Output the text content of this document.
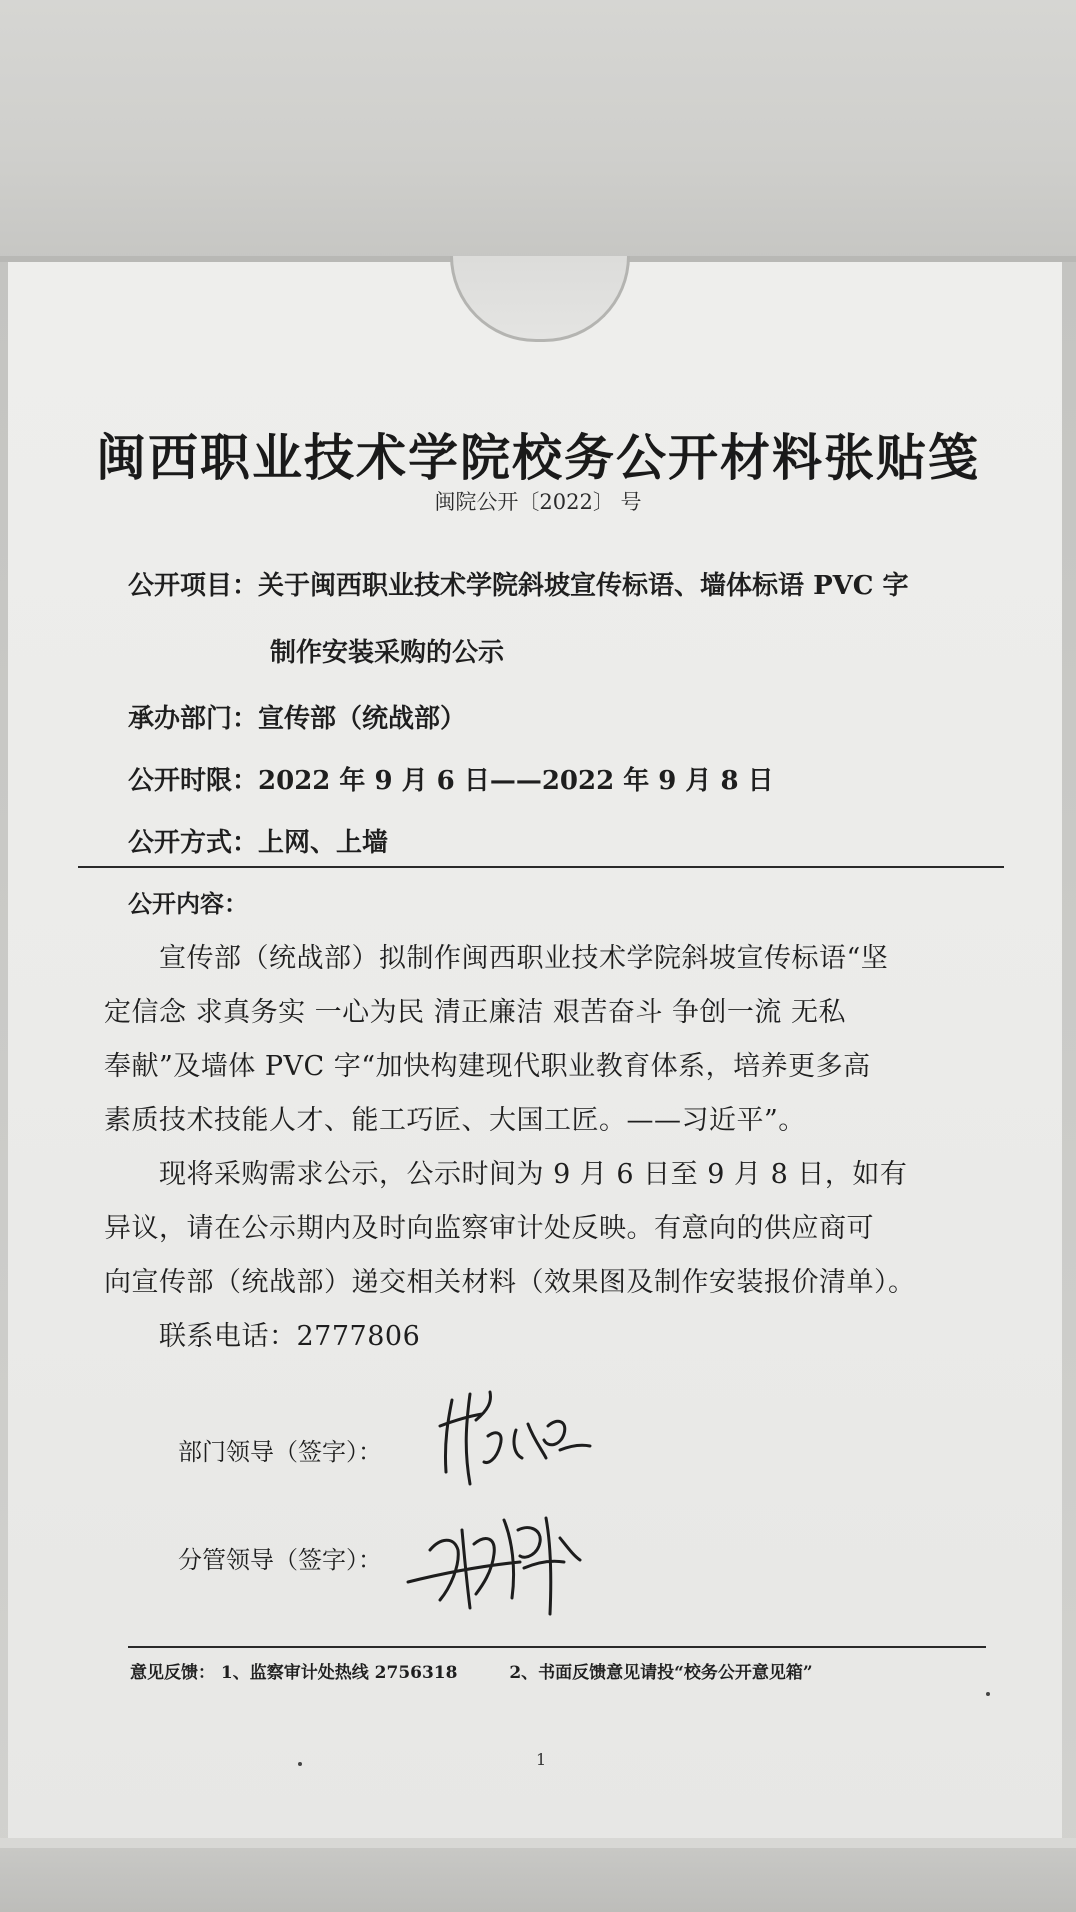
闽西职业技术学院校务公开材料张贴笺
闽院公开〔2022〕 号
公开项目：关于闽西职业技术学院斜坡宣传标语、墙体标语 PVC 字
制作安装采购的公示
承办部门：宣传部（统战部）
公开时限：2022 年 9 月 6 日——2022 年 9 月 8 日
公开方式：上网、上墙
公开内容：
　　宣传部（统战部）拟制作闽西职业技术学院斜坡宣传标语“坚
定信念 求真务实 一心为民 清正廉洁 艰苦奋斗 争创一流 无私
奉献”及墙体 PVC 字“加快构建现代职业教育体系，培养更多高
素质技术技能人才、能工巧匠、大国工匠。——习近平”。
　　现将采购需求公示，公示时间为 9 月 6 日至 9 月 8 日，如有
异议，请在公示期内及时向监察审计处反映。有意向的供应商可
向宣传部（统战部）递交相关材料（效果图及制作安装报价清单）。
　　联系电话：2777806
部门领导（签字）：
分管领导（签字）：
意见反馈： 1、监察审计处热线 2756318	2、书面反馈意见请投“校务公开意见箱”
1
